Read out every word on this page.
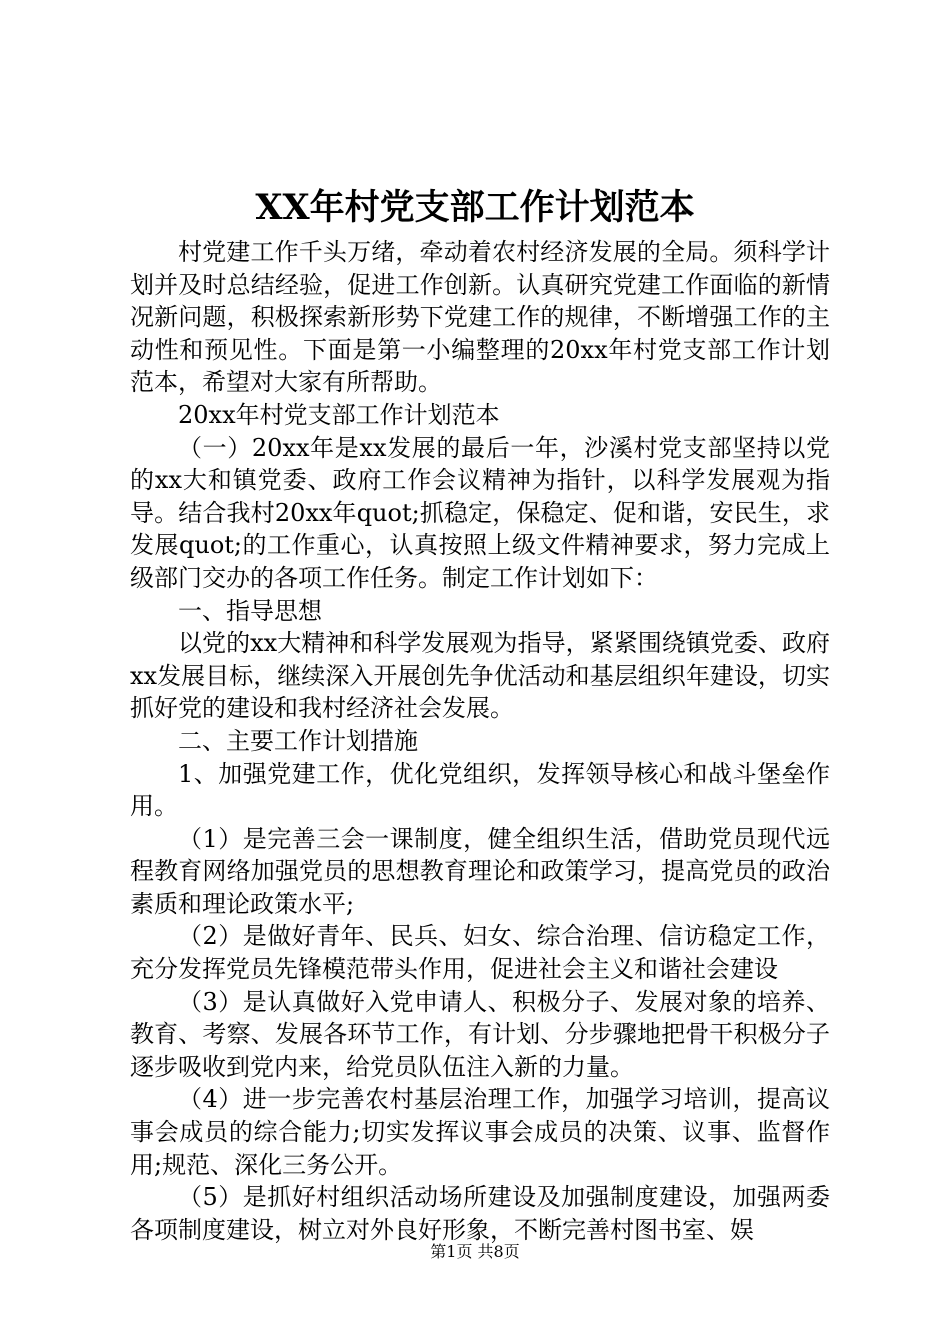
XX年村党支部工作计划范本

村党建工作千头万绪，牵动着农村经济发展的全局。须科学计划并及时总结经验，促进工作创新。认真研究党建工作面临的新情况新问题，积极探索新形势下党建工作的规律，不断增强工作的主动性和预见性。下面是第一小编整理的20xx年村党支部工作计划范本，希望对大家有所帮助。

20xx年村党支部工作计划范本

（一）20xx年是xx发展的最后一年，沙溪村党支部坚持以党的xx大和镇党委、政府工作会议精神为指针，以科学发展观为指导。结合我村20xx年quot;抓稳定，保稳定、促和谐，安民生，求发展quot;的工作重心，认真按照上级文件精神要求，努力完成上级部门交办的各项工作任务。制定工作计划如下：

一、指导思想

以党的xx大精神和科学发展观为指导，紧紧围绕镇党委、政府xx发展目标，继续深入开展创先争优活动和基层组织年建设，切实抓好党的建设和我村经济社会发展。

二、主要工作计划措施

1、加强党建工作，优化党组织，发挥领导核心和战斗堡垒作用。

（1）是完善三会一课制度，健全组织生活，借助党员现代远程教育网络加强党员的思想教育理论和政策学习，提高党员的政治素质和理论政策水平;

（2）是做好青年、民兵、妇女、综合治理、信访稳定工作，充分发挥党员先锋模范带头作用，促进社会主义和谐社会建设

（3）是认真做好入党申请人、积极分子、发展对象的培养、教育、考察、发展各环节工作，有计划、分步骤地把骨干积极分子逐步吸收到党内来，给党员队伍注入新的力量。

（4）进一步完善农村基层治理工作，加强学习培训，提高议事会成员的综合能力;切实发挥议事会成员的决策、议事、监督作用;规范、深化三务公开。

（5）是抓好村组织活动场所建设及加强制度建设，加强两委各项制度建设，树立对外良好形象，不断完善村图书室、娱

第1页 共8页
